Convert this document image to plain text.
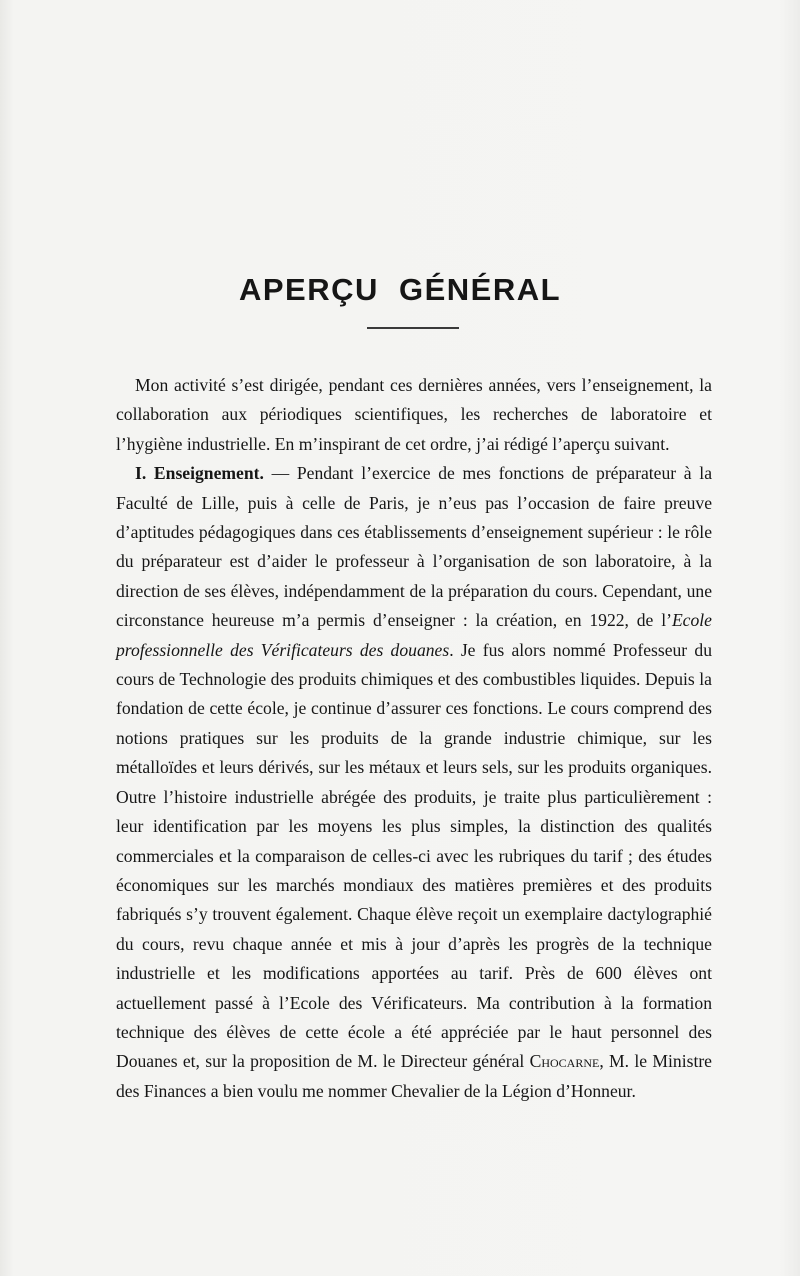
APERÇU GÉNÉRAL

Mon activité s’est dirigée, pendant ces dernières années, vers l’enseignement, la collaboration aux périodiques scientifiques, les recherches de laboratoire et l’hygiène industrielle. En m’inspirant de cet ordre, j’ai rédigé l’aperçu suivant.

I. Enseignement. — Pendant l’exercice de mes fonctions de préparateur à la Faculté de Lille, puis à celle de Paris, je n’eus pas l’occasion de faire preuve d’aptitudes pédagogiques dans ces établissements d’enseignement supérieur : le rôle du préparateur est d’aider le professeur à l’organisation de son laboratoire, à la direction de ses élèves, indépendamment de la préparation du cours. Cependant, une circonstance heureuse m’a permis d’enseigner : la création, en 1922, de l’Ecole professionnelle des Vérificateurs des douanes. Je fus alors nommé Professeur du cours de Technologie des produits chimiques et des combustibles liquides. Depuis la fondation de cette école, je continue d’assurer ces fonctions. Le cours comprend des notions pratiques sur les produits de la grande industrie chimique, sur les métalloïdes et leurs dérivés, sur les métaux et leurs sels, sur les produits organiques. Outre l’histoire industrielle abrégée des produits, je traite plus particulièrement : leur identification par les moyens les plus simples, la distinction des qualités commerciales et la comparaison de celles-ci avec les rubriques du tarif ; des études économiques sur les marchés mondiaux des matières premières et des produits fabriqués s’y trouvent également. Chaque élève reçoit un exemplaire dactylographié du cours, revu chaque année et mis à jour d’après les progrès de la technique industrielle et les modifications apportées au tarif. Près de 600 élèves ont actuellement passé à l’Ecole des Vérificateurs. Ma contribution à la formation technique des élèves de cette école a été appréciée par le haut personnel des Douanes et, sur la proposition de M. le Directeur général Chocarne, M. le Ministre des Finances a bien voulu me nommer Chevalier de la Légion d’Honneur.
